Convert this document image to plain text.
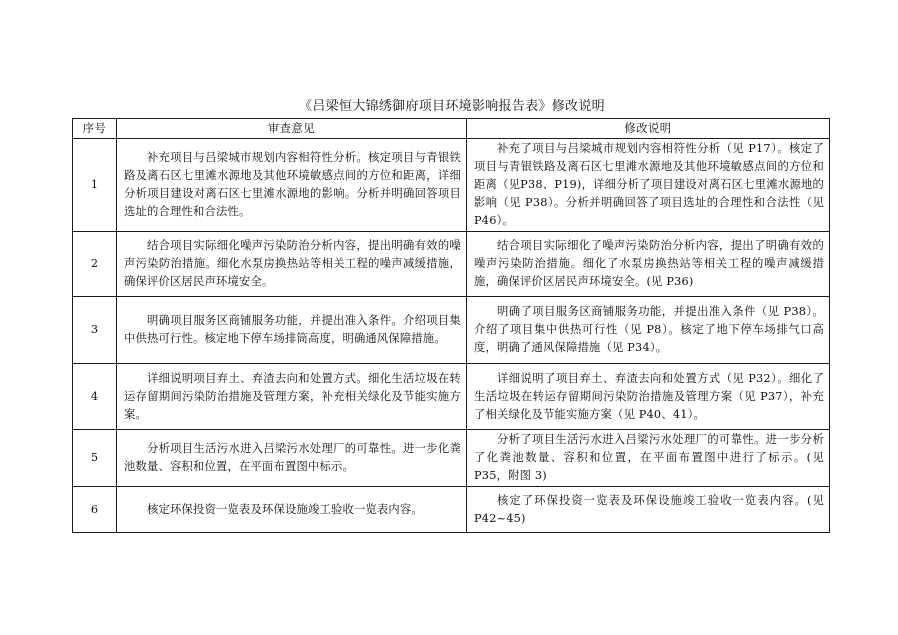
《吕梁恒大锦绣御府项目环境影响报告表》修改说明
序号	审查意见	修改说明
1	补充项目与吕梁城市规划内容相符性分析。核定项目与青银铁路及离石区七里滩水源地及其他环境敏感点间的方位和距离，详细分析项目建设对离石区七里滩水源地的影响。分析并明确回答项目选址的合理性和合法性。	补充了项目与吕梁城市规划内容相符性分析（见 P17）。核定了项目与青银铁路及离石区七里滩水源地及其他环境敏感点间的方位和距离（见P38、P19)，详细分析了项目建设对离石区七里滩水源地的影响（见 P38）。分析并明确回答了项目选址的合理性和合法性（见 P46）。
2	结合项目实际细化噪声污染防治分析内容，提出明确有效的噪声污染防治措施。细化水泵房换热站等相关工程的噪声减缓措施，确保评价区居民声环境安全。	结合项目实际细化了噪声污染防治分析内容，提出了明确有效的噪声污染防治措施。细化了水泵房换热站等相关工程的噪声减缓措施，确保评价区居民声环境安全。(见 P36)
3	明确项目服务区商铺服务功能，并提出准入条件。介绍项目集中供热可行性。核定地下停车场排筒高度，明确通风保障措施。	明确了项目服务区商铺服务功能，并提出准入条件（见 P38）。介绍了项目集中供热可行性（见 P8）。核定了地下停车场排气口高度，明确了通风保障措施（见 P34）。
4	详细说明项目弃土、弃渣去向和处置方式。细化生活垃圾在转运存留期间污染防治措施及管理方案，补充相关绿化及节能实施方案。	详细说明了项目弃土、弃渣去向和处置方式（见 P32）。细化了生活垃圾在转运存留期间污染防治措施及管理方案（见 P37），补充了相关绿化及节能实施方案（见 P40、41）。
5	分析项目生活污水进入吕梁污水处理厂的可靠性。进一步化粪池数量、容积和位置，在平面布置图中标示。	分析了项目生活污水进入吕梁污水处理厂的可靠性。进一步分析了化粪池数量、容积和位置，在平面布置图中进行了标示。(见 P35，附图 3)
6	核定环保投资一览表及环保设施竣工验收一览表内容。	核定了环保投资一览表及环保设施竣工验收一览表内容。(见 P42~45)
